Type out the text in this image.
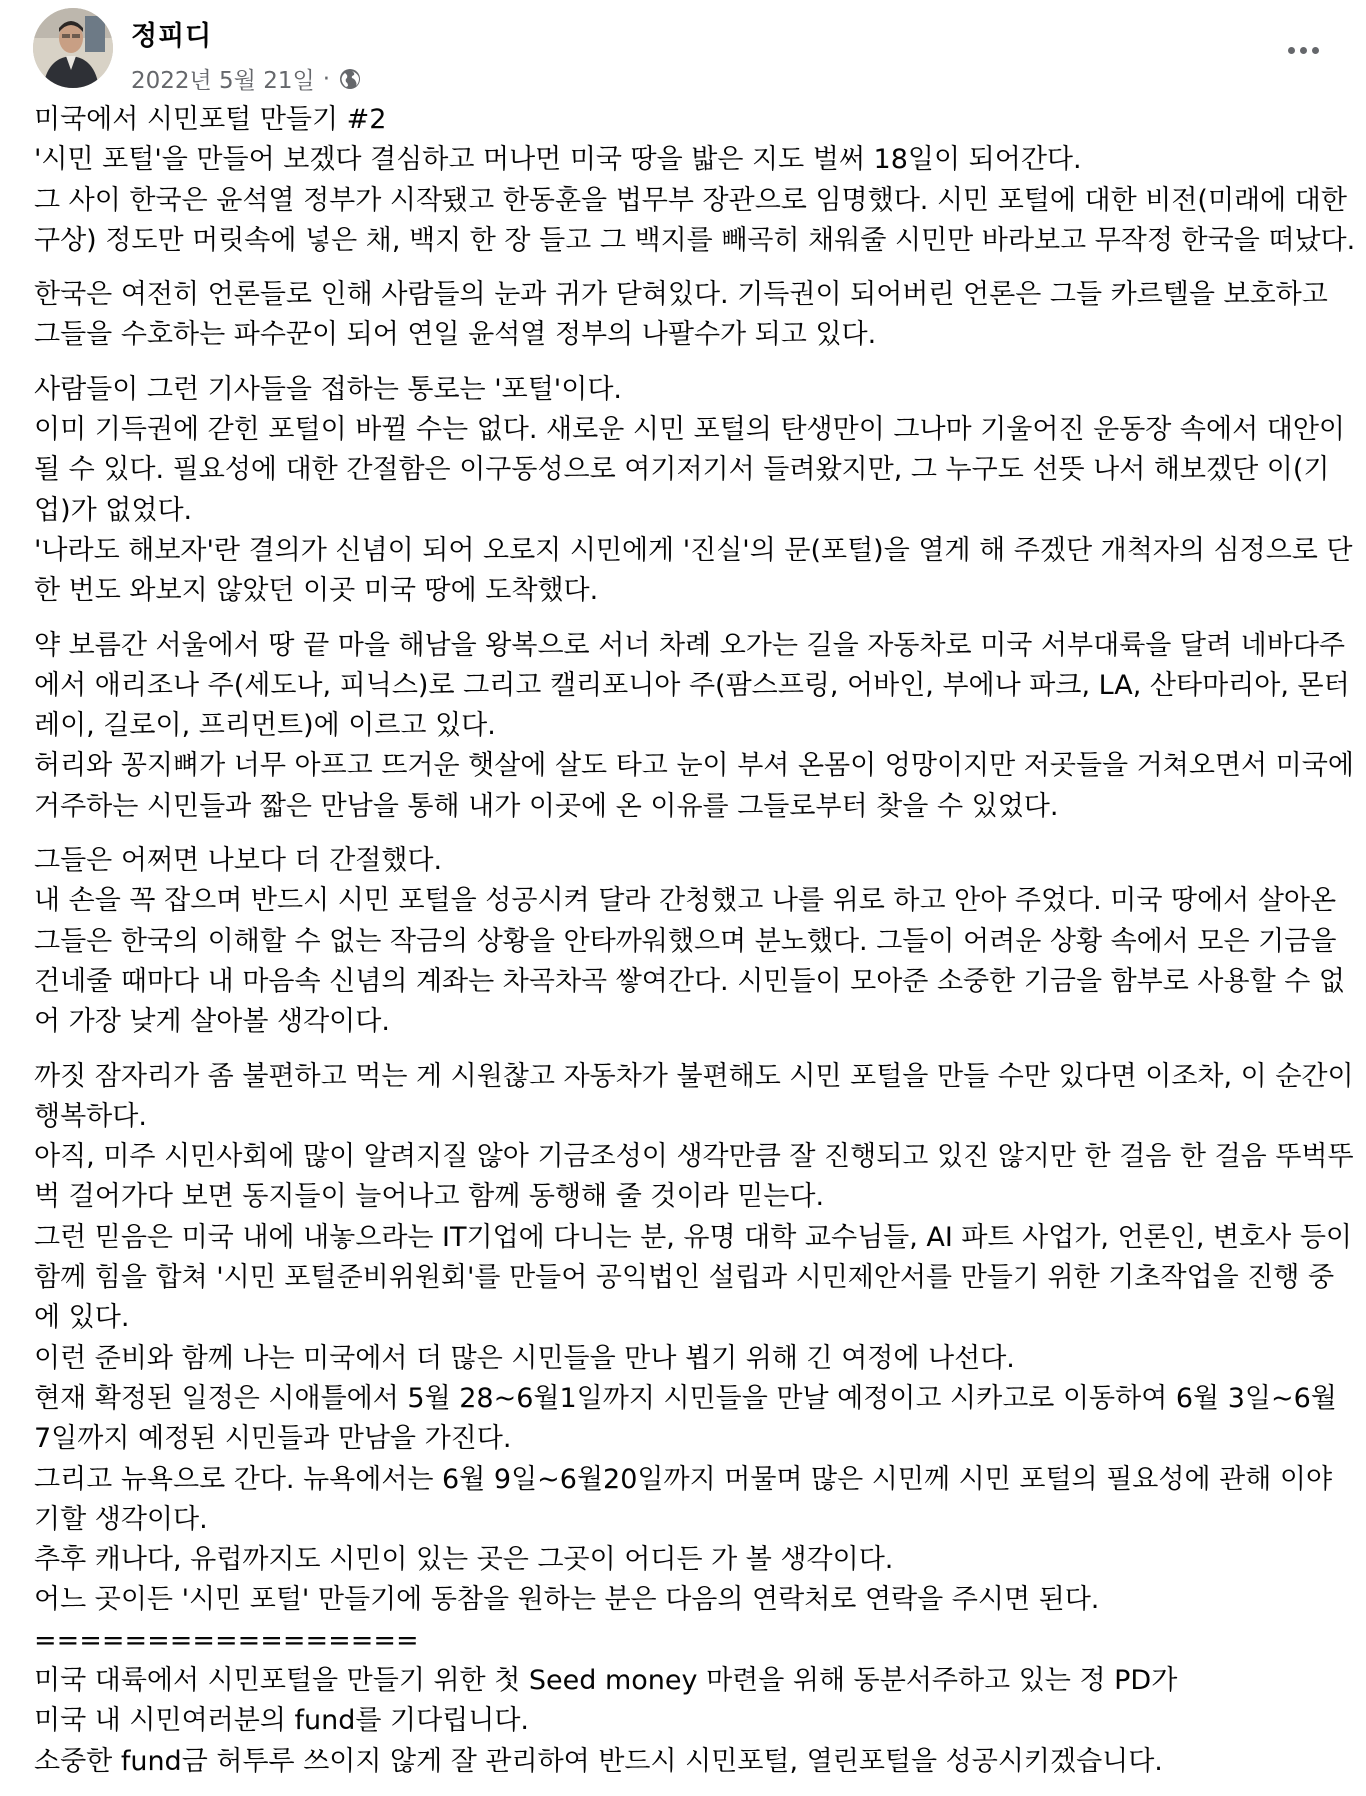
정피디
2022년 5월 21일 ·
미국에서 시민포털 만들기 #2
'시민 포털'을 만들어 보겠다 결심하고 머나먼 미국 땅을 밟은 지도 벌써 18일이 되어간다.
그 사이 한국은 윤석열 정부가 시작됐고 한동훈을 법무부 장관으로 임명했다. 시민 포털에 대한 비전(미래에 대한
구상) 정도만 머릿속에 넣은 채, 백지 한 장 들고 그 백지를 빼곡히 채워줄 시민만 바라보고 무작정 한국을 떠났다.
한국은 여전히 언론들로 인해 사람들의 눈과 귀가 닫혀있다. 기득권이 되어버린 언론은 그들 카르텔을 보호하고
그들을 수호하는 파수꾼이 되어 연일 윤석열 정부의 나팔수가 되고 있다.
사람들이 그런 기사들을 접하는 통로는 '포털'이다.
이미 기득권에 갇힌 포털이 바뀔 수는 없다. 새로운 시민 포털의 탄생만이 그나마 기울어진 운동장 속에서 대안이
될 수 있다. 필요성에 대한 간절함은 이구동성으로 여기저기서 들려왔지만, 그 누구도 선뜻 나서 해보겠단 이(기
업)가 없었다.
'나라도 해보자'란 결의가 신념이 되어 오로지 시민에게 '진실'의 문(포털)을 열게 해 주겠단 개척자의 심정으로 단
한 번도 와보지 않았던 이곳 미국 땅에 도착했다.
약 보름간 서울에서 땅 끝 마을 해남을 왕복으로 서너 차례 오가는 길을 자동차로 미국 서부대륙을 달려 네바다주
에서 애리조나 주(세도나, 피닉스)로 그리고 캘리포니아 주(팜스프링, 어바인, 부에나 파크, LA, 산타마리아, 몬터
레이, 길로이, 프리먼트)에 이르고 있다.
허리와 꽁지뼈가 너무 아프고 뜨거운 햇살에 살도 타고 눈이 부셔 온몸이 엉망이지만 저곳들을 거쳐오면서 미국에
거주하는 시민들과 짧은 만남을 통해 내가 이곳에 온 이유를 그들로부터 찾을 수 있었다.
그들은 어쩌면 나보다 더 간절했다.
내 손을 꼭 잡으며 반드시 시민 포털을 성공시켜 달라 간청했고 나를 위로 하고 안아 주었다. 미국 땅에서 살아온
그들은 한국의 이해할 수 없는 작금의 상황을 안타까워했으며 분노했다. 그들이 어려운 상황 속에서 모은 기금을
건네줄 때마다 내 마음속 신념의 계좌는 차곡차곡 쌓여간다. 시민들이 모아준 소중한 기금을 함부로 사용할 수 없
어 가장 낮게 살아볼 생각이다.
까짓 잠자리가 좀 불편하고 먹는 게 시원찮고 자동차가 불편해도 시민 포털을 만들 수만 있다면 이조차, 이 순간이
행복하다.
아직, 미주 시민사회에 많이 알려지질 않아 기금조성이 생각만큼 잘 진행되고 있진 않지만 한 걸음 한 걸음 뚜벅뚜
벅 걸어가다 보면 동지들이 늘어나고 함께 동행해 줄 것이라 믿는다.
그런 믿음은 미국 내에 내놓으라는 IT기업에 다니는 분, 유명 대학 교수님들, AI 파트 사업가, 언론인, 변호사 등이
함께 힘을 합쳐 '시민 포털준비위원회'를 만들어 공익법인 설립과 시민제안서를 만들기 위한 기초작업을 진행 중
에 있다.
이런 준비와 함께 나는 미국에서 더 많은 시민들을 만나 뵙기 위해 긴 여정에 나선다.
현재 확정된 일정은 시애틀에서 5월 28~6월1일까지 시민들을 만날 예정이고 시카고로 이동하여 6월 3일~6월
7일까지 예정된 시민들과 만남을 가진다.
그리고 뉴욕으로 간다. 뉴욕에서는 6월 9일~6월20일까지 머물며 많은 시민께 시민 포털의 필요성에 관해 이야
기할 생각이다.
추후 캐나다, 유럽까지도 시민이 있는 곳은 그곳이 어디든 가 볼 생각이다.
어느 곳이든 '시민 포털' 만들기에 동참을 원하는 분은 다음의 연락처로 연락을 주시면 된다.
=================
미국 대륙에서 시민포털을 만들기 위한 첫 Seed money 마련을 위해 동분서주하고 있는 정 PD가
미국 내 시민여러분의 fund를 기다립니다.
소중한 fund금 허투루 쓰이지 않게 잘 관리하여 반드시 시민포털, 열린포털을 성공시키겠습니다.
